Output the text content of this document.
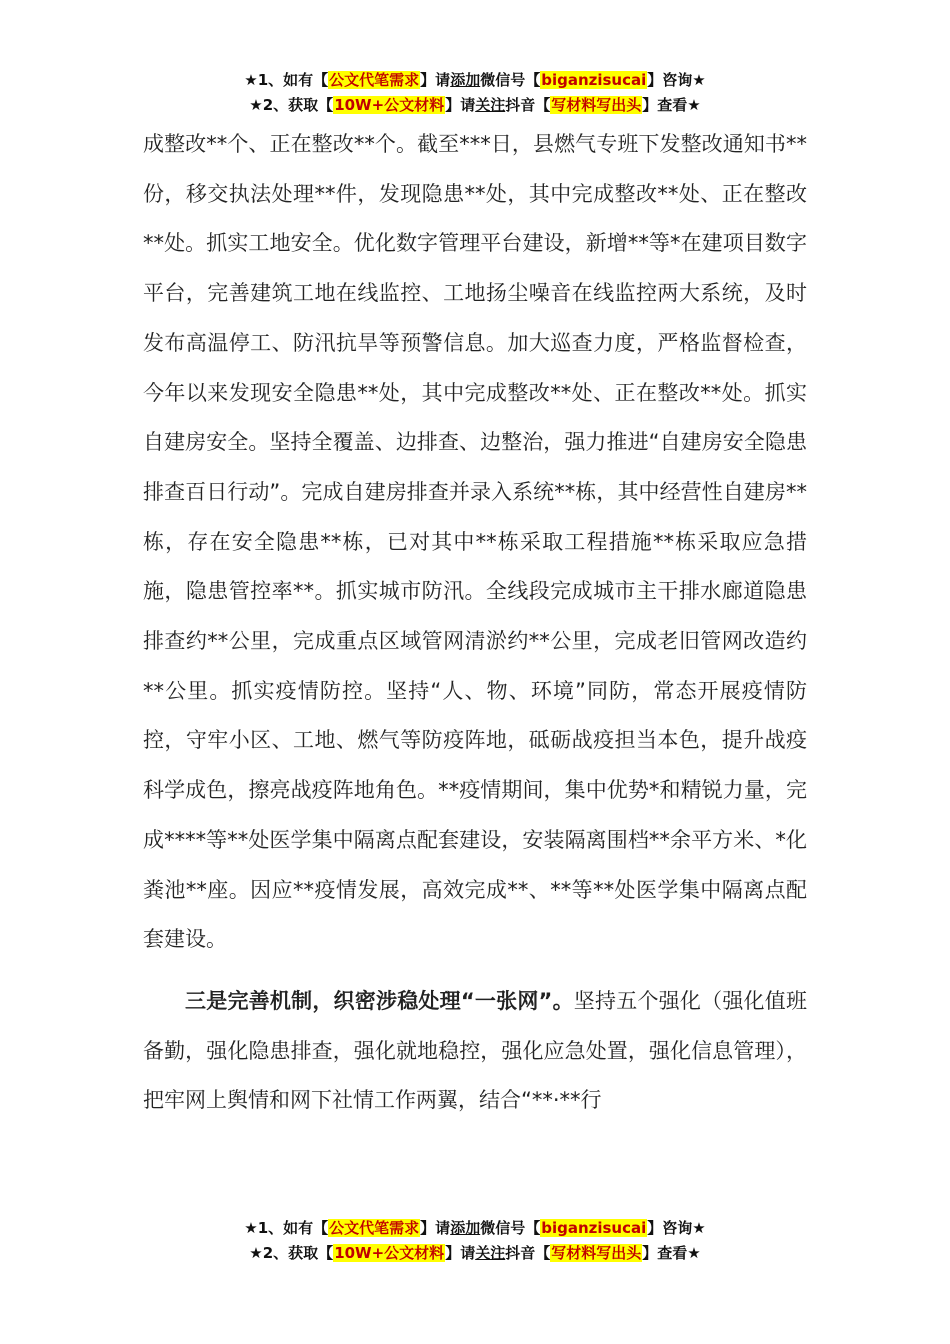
★1、如有【公文代笔需求】请添加微信号【biganzisucai】咨询★
★2、获取【10W+公文材料】请关注抖音【写材料写出头】查看★

成整改**个、正在整改**个。截至***日，县燃气专班下发整改通知书**份，移交执法处理**件，发现隐患**处，其中完成整改**处、正在整改**处。抓实工地安全。优化数字管理平台建设，新增**等*在建项目数字平台，完善建筑工地在线监控、工地扬尘噪音在线监控两大系统，及时发布高温停工、防汛抗旱等预警信息。加大巡查力度，严格监督检查，今年以来发现安全隐患**处，其中完成整改**处、正在整改**处。抓实自建房安全。坚持全覆盖、边排查、边整治，强力推进“自建房安全隐患排查百日行动”。完成自建房排查并录入系统**栋，其中经营性自建房**栋，存在安全隐患**栋，已对其中**栋采取工程措施**栋采取应急措施，隐患管控率**。抓实城市防汛。全线段完成城市主干排水廊道隐患排查约**公里，完成重点区域管网清淤约**公里，完成老旧管网改造约**公里。抓实疫情防控。坚持“人、物、环境”同防，常态开展疫情防控，守牢小区、工地、燃气等防疫阵地，砥砺战疫担当本色，提升战疫科学成色，擦亮战疫阵地角色。**疫情期间，集中优势*和精锐力量，完成****等**处医学集中隔离点配套建设，安装隔离围档**余平方米、*化粪池**座。因应**疫情发展，高效完成**、**等**处医学集中隔离点配套建设。

三是完善机制，织密涉稳处理“一张网”。坚持五个强化（强化值班备勤，强化隐患排查，强化就地稳控，强化应急处置，强化信息管理），把牢网上舆情和网下社情工作两翼，结合“**·**行

★1、如有【公文代笔需求】请添加微信号【biganzisucai】咨询★
★2、获取【10W+公文材料】请关注抖音【写材料写出头】查看★
